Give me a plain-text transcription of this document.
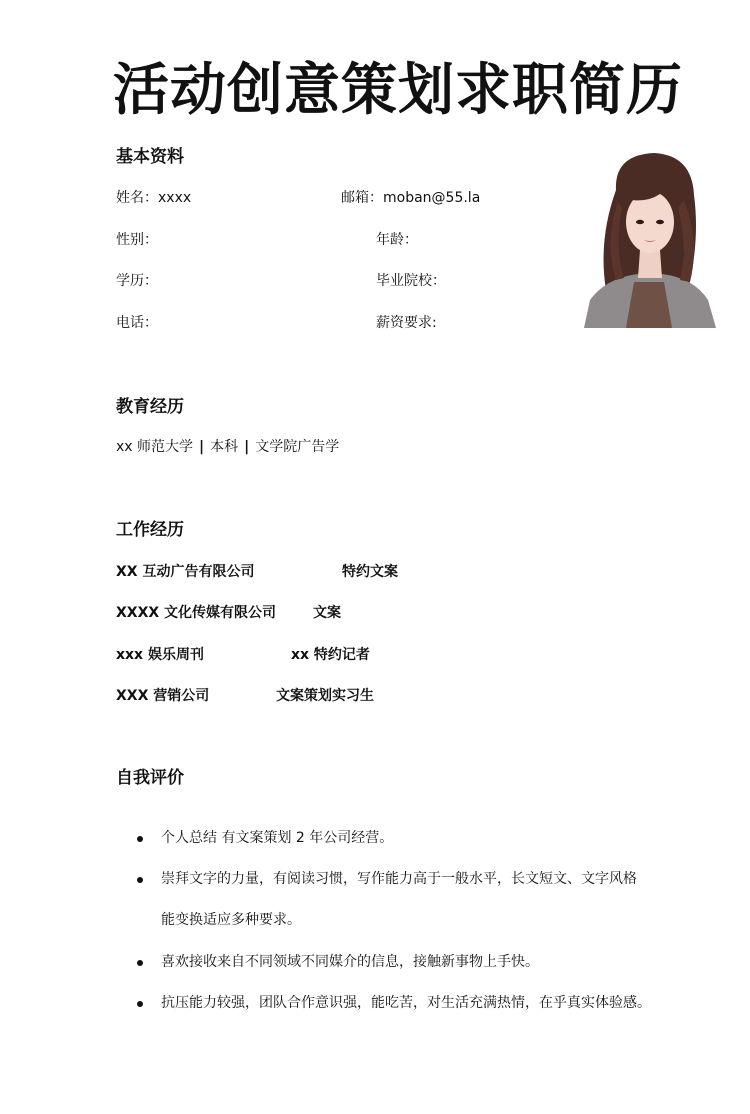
活动创意策划求职简历
基本资料
姓名：xxxx	邮箱：moban@55.la
性别：	年龄：
学历：	毕业院校：
电话：	薪资要求:
教育经历
xx 师范大学 | 本科 | 文学院广告学
工作经历
XX 互动广告有限公司	特约文案
XXXX 文化传媒有限公司	文案
xxx 娱乐周刊	xx 特约记者
XXX 营销公司	文案策划实习生
自我评价
个人总结 有文案策划 2 年公司经营。
崇拜文字的力量，有阅读习惯，写作能力高于一般水平，长文短文、文字风格
能变换适应多种要求。
喜欢接收来自不同领域不同媒介的信息，接触新事物上手快。
抗压能力较强，团队合作意识强，能吃苦，对生活充满热情，在乎真实体验感。
